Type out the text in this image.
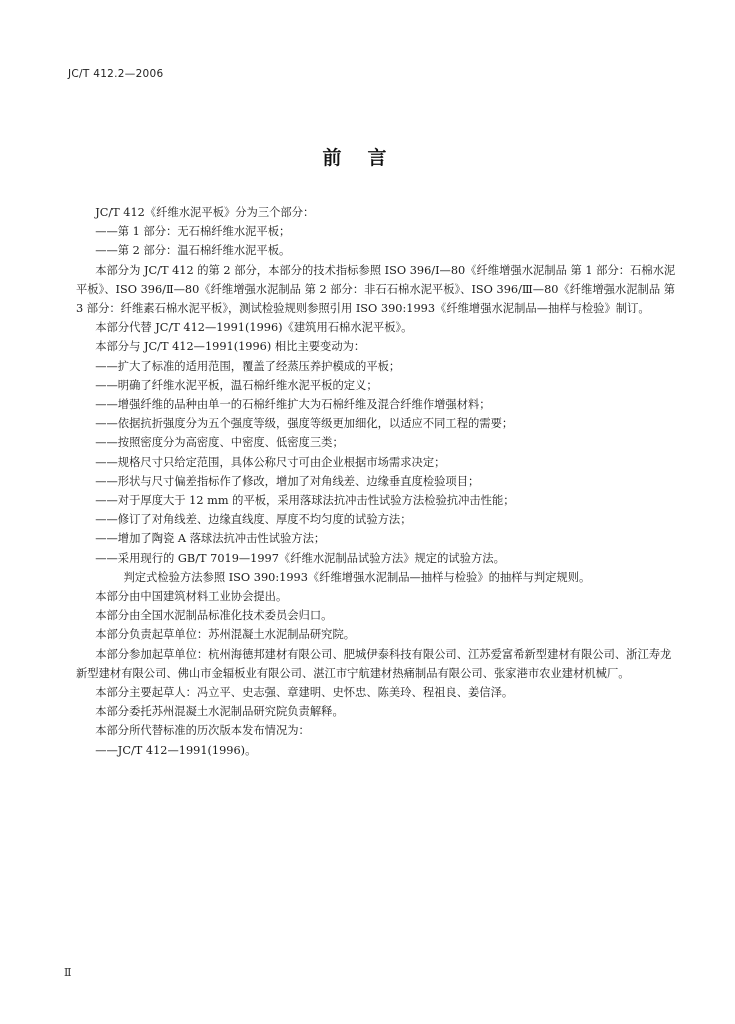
JC/T 412.2—2006
前言

JC/T 412《纤维水泥平板》分为三个部分：

——第 1 部分：无石棉纤维水泥平板；

——第 2 部分：温石棉纤维水泥平板。

本部分为 JC/T 412 的第 2 部分，本部分的技术指标参照 ISO 396/Ⅰ—80《纤维增强水泥制品 第 1 部分：石棉水泥平板》、ISO 396/Ⅱ—80《纤维增强水泥制品 第 2 部分：非石石棉水泥平板》、ISO 396/Ⅲ—80《纤维增强水泥制品 第 3 部分：纤维素石棉水泥平板》，测试检验规则参照引用 ISO 390:1993《纤维增强水泥制品—抽样与检验》制订。

本部分代替 JC/T 412—1991(1996)《建筑用石棉水泥平板》。

本部分与 JC/T 412—1991(1996) 相比主要变动为：

——扩大了标准的适用范围，覆盖了经蒸压养护模成的平板；

——明确了纤维水泥平板，温石棉纤维水泥平板的定义；

——增强纤维的品种由单一的石棉纤维扩大为石棉纤维及混合纤维作增强材料；

——依据抗折强度分为五个强度等级，强度等级更加细化，以适应不同工程的需要；

——按照密度分为高密度、中密度、低密度三类；

——规格尺寸只给定范围，具体公称尺寸可由企业根据市场需求决定；

——形状与尺寸偏差指标作了修改，增加了对角线差、边缘垂直度检验项目；

——对于厚度大于 12 mm 的平板，采用落球法抗冲击性试验方法检验抗冲击性能；

——修订了对角线差、边缘直线度、厚度不均匀度的试验方法；

——增加了陶瓷 A 落球法抗冲击性试验方法；

——采用现行的 GB/T 7019—1997《纤维水泥制品试验方法》规定的试验方法。

判定式检验方法参照 ISO 390:1993《纤维增强水泥制品—抽样与检验》的抽样与判定规则。

本部分由中国建筑材料工业协会提出。

本部分由全国水泥制品标准化技术委员会归口。

本部分负责起草单位：苏州混凝土水泥制品研究院。

本部分参加起草单位：杭州海德邦建材有限公司、肥城伊泰科技有限公司、江苏爱富希新型建材有限公司、浙江寿龙新型建材有限公司、佛山市金辐板业有限公司、湛江市宁航建材热痛制品有限公司、张家港市农业建材机械厂。

本部分主要起草人：冯立平、史志强、章建明、史怀忠、陈美玲、程祖良、姜信泽。

本部分委托苏州混凝土水泥制品研究院负责解释。

本部分所代替标准的历次版本发布情况为：

——JC/T 412—1991(1996)。

Ⅱ
